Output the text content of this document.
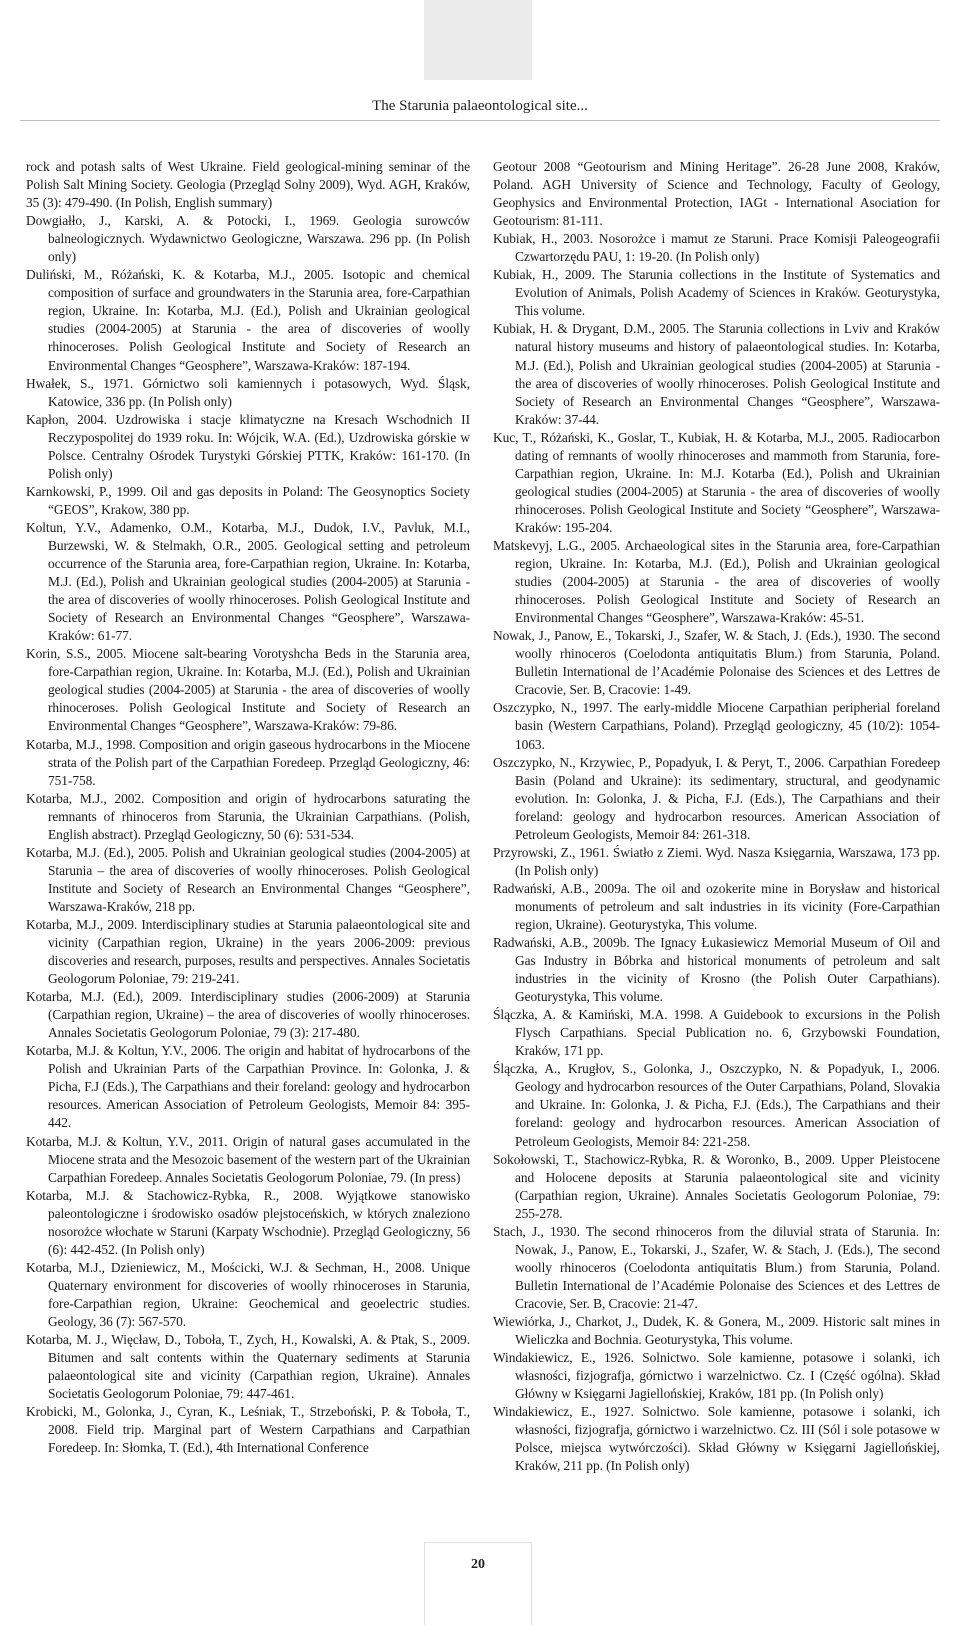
The Starunia palaeontological site...

rock and potash salts of West Ukraine. Field geological-mining seminar of the Polish Salt Mining Society. Geologia (Przegląd Solny 2009), Wyd. AGH, Kraków, 35 (3): 479-490. (In Polish, English summary)

Dowgiałło, J., Karski, A. & Potocki, I., 1969. Geologia surowców balneologicznych. Wydawnictwo Geologiczne, Warszawa. 296 pp. (In Polish only)

Duliński, M., Różański, K. & Kotarba, M.J., 2005. Isotopic and chemical composition of surface and groundwaters in the Starunia area, fore-Carpathian region, Ukraine. In: Kotarba, M.J. (Ed.), Polish and Ukrainian geological studies (2004-2005) at Starunia - the area of discoveries of woolly rhinoceroses. Polish Geological Institute and Society of Research an Environmental Changes “Geosphere”, Warszawa-Kraków: 187-194.

Hwałek, S., 1971. Górnictwo soli kamiennych i potasowych, Wyd. Śląsk, Katowice, 336 pp. (In Polish only)

Kapłon, 2004. Uzdrowiska i stacje klimatyczne na Kresach Wschodnich II Reczypospolitej do 1939 roku. In: Wójcik, W.A. (Ed.), Uzdrowiska górskie w Polsce. Centralny Ośrodek Turystyki Górskiej PTTK, Kraków: 161-170. (In Polish only)

Karnkowski, P., 1999. Oil and gas deposits in Poland: The Geosynoptics Society “GEOS”, Krakow, 380 pp.

Koltun, Y.V., Adamenko, O.M., Kotarba, M.J., Dudok, I.V., Pavluk, M.I., Burzewski, W. & Stelmakh, O.R., 2005. Geological setting and petroleum occurrence of the Starunia area, fore-Carpathian region, Ukraine. In: Kotarba, M.J. (Ed.), Polish and Ukrainian geological studies (2004-2005) at Starunia - the area of discoveries of woolly rhinoceroses. Polish Geological Institute and Society of Research an Environmental Changes “Geosphere”, Warszawa-Kraków: 61-77.

Korin, S.S., 2005. Miocene salt-bearing Vorotyshcha Beds in the Starunia area, fore-Carpathian region, Ukraine. In: Kotarba, M.J. (Ed.), Polish and Ukrainian geological studies (2004-2005) at Starunia - the area of discoveries of woolly rhinoceroses. Polish Geological Institute and Society of Research an Environmental Changes “Geosphere”, Warszawa-Kraków: 79-86.

Kotarba, M.J., 1998. Composition and origin gaseous hydrocarbons in the Miocene strata of the Polish part of the Carpathian Foredeep. Przegląd Geologiczny, 46: 751-758.

Kotarba, M.J., 2002. Composition and origin of hydrocarbons saturating the remnants of rhinoceros from Starunia, the Ukrainian Carpathians. (Polish, English abstract). Przegląd Geologiczny, 50 (6): 531-534.

Kotarba, M.J. (Ed.), 2005. Polish and Ukrainian geological studies (2004-2005) at Starunia – the area of discoveries of woolly rhinoceroses. Polish Geological Institute and Society of Research an Environmental Changes “Geosphere”, Warszawa-Kraków, 218 pp.

Kotarba, M.J., 2009. Interdisciplinary studies at Starunia palaeontological site and vicinity (Carpathian region, Ukraine) in the years 2006-2009: previous discoveries and research, purposes, results and perspectives. Annales Societatis Geologorum Poloniae, 79: 219-241.

Kotarba, M.J. (Ed.), 2009. Interdisciplinary studies (2006-2009) at Starunia (Carpathian region, Ukraine) – the area of discoveries of woolly rhinoceroses. Annales Societatis Geologorum Poloniae, 79 (3): 217-480.

Kotarba, M.J. & Koltun, Y.V., 2006. The origin and habitat of hydrocarbons of the Polish and Ukrainian Parts of the Carpathian Province. In: Golonka, J. & Picha, F.J (Eds.), The Carpathians and their foreland: geology and hydrocarbon resources. American Association of Petroleum Geologists, Memoir 84: 395-442.

Kotarba, M.J. & Koltun, Y.V., 2011. Origin of natural gases accumulated in the Miocene strata and the Mesozoic basement of the western part of the Ukrainian Carpathian Foredeep. Annales Societatis Geologorum Poloniae, 79. (In press)

Kotarba, M.J. & Stachowicz-Rybka, R., 2008. Wyjątkowe stanowisko paleontologiczne i środowisko osadów plejstoceńskich, w których znaleziono nosorożce włochate w Staruni (Karpaty Wschodnie). Przegląd Geologiczny, 56 (6): 442-452. (In Polish only)

Kotarba, M.J., Dzieniewicz, M., Mościcki, W.J. & Sechman, H., 2008. Unique Quaternary environment for discoveries of woolly rhinoceroses in Starunia, fore-Carpathian region, Ukraine: Geochemical and geoelectric studies. Geology, 36 (7): 567-570.

Kotarba, M. J., Więcław, D., Toboła, T., Zych, H., Kowalski, A. & Ptak, S., 2009. Bitumen and salt contents within the Quaternary sediments at Starunia palaeontological site and vicinity (Carpathian region, Ukraine). Annales Societatis Geologorum Poloniae, 79: 447-461.

Krobicki, M., Golonka, J., Cyran, K., Leśniak, T., Strzeboński, P. & Toboła, T., 2008. Field trip. Marginal part of Western Carpathians and Carpathian Foredeep. In: Słomka, T. (Ed.), 4th International Conference

Geotour 2008 “Geotourism and Mining Heritage”. 26-28 June 2008, Kraków, Poland. AGH University of Science and Technology, Faculty of Geology, Geophysics and Environmental Protection, IAGt - International Asociation for Geotourism: 81-111.

Kubiak, H., 2003. Nosorożce i mamut ze Staruni. Prace Komisji Paleogeografii Czwartorzędu PAU, 1: 19-20. (In Polish only)

Kubiak, H., 2009. The Starunia collections in the Institute of Systematics and Evolution of Animals, Polish Academy of Sciences in Kraków. Geoturystyka, This volume.

Kubiak, H. & Drygant, D.M., 2005. The Starunia collections in Lviv and Kraków natural history museums and history of palaeontological studies. In: Kotarba, M.J. (Ed.), Polish and Ukrainian geological studies (2004-2005) at Starunia - the area of discoveries of woolly rhinoceroses. Polish Geological Institute and Society of Research an Environmental Changes “Geosphere”, Warszawa-Kraków: 37-44.

Kuc, T., Różański, K., Goslar, T., Kubiak, H. & Kotarba, M.J., 2005. Radiocarbon dating of remnants of woolly rhinoceroses and mammoth from Starunia, fore-Carpathian region, Ukraine. In: M.J. Kotarba (Ed.), Polish and Ukrainian geological studies (2004-2005) at Starunia - the area of discoveries of woolly rhinoceroses. Polish Geological Institute and Society “Geosphere”, Warszawa-Kraków: 195-204.

Matskevyj, L.G., 2005. Archaeological sites in the Starunia area, fore-Carpathian region, Ukraine. In: Kotarba, M.J. (Ed.), Polish and Ukrainian geological studies (2004-2005) at Starunia - the area of discoveries of woolly rhinoceroses. Polish Geological Institute and Society of Research an Environmental Changes “Geosphere”, Warszawa-Kraków: 45-51.

Nowak, J., Panow, E., Tokarski, J., Szafer, W. & Stach, J. (Eds.), 1930. The second woolly rhinoceros (Coelodonta antiquitatis Blum.) from Starunia, Poland. Bulletin International de l’Académie Polonaise des Sciences et des Lettres de Cracovie, Ser. B, Cracovie: 1-49.

Oszczypko, N., 1997. The early-middle Miocene Carpathian peripherial foreland basin (Western Carpathians, Poland). Przegląd geologiczny, 45 (10/2): 1054-1063.

Oszczypko, N., Krzywiec, P., Popadyuk, I. & Peryt, T., 2006. Carpathian Foredeep Basin (Poland and Ukraine): its sedimentary, structural, and geodynamic evolution. In: Golonka, J. & Picha, F.J. (Eds.), The Carpathians and their foreland: geology and hydrocarbon resources. American Association of Petroleum Geologists, Memoir 84: 261-318.

Przyrowski, Z., 1961. Światło z Ziemi. Wyd. Nasza Księgarnia, Warszawa, 173 pp. (In Polish only)

Radwański, A.B., 2009a. The oil and ozokerite mine in Borysław and historical monuments of petroleum and salt industries in its vicinity (Fore-Carpathian region, Ukraine). Geoturystyka, This volume.

Radwański, A.B., 2009b. The Ignacy Łukasiewicz Memorial Museum of Oil and Gas Industry in Bóbrka and historical monuments of petroleum and salt industries in the vicinity of Krosno (the Polish Outer Carpathians). Geoturystyka, This volume.

Ślączka, A. & Kamiński, M.A. 1998. A Guidebook to excursions in the Polish Flysch Carpathians. Special Publication no. 6, Grzybowski Foundation, Kraków, 171 pp.

Ślączka, A., Krugłov, S., Golonka, J., Oszczypko, N. & Popadyuk, I., 2006. Geology and hydrocarbon resources of the Outer Carpathians, Poland, Slovakia and Ukraine. In: Golonka, J. & Picha, F.J. (Eds.), The Carpathians and their foreland: geology and hydrocarbon resources. American Association of Petroleum Geologists, Memoir 84: 221-258.

Sokołowski, T., Stachowicz-Rybka, R. & Woronko, B., 2009. Upper Pleistocene and Holocene deposits at Starunia palaeontological site and vicinity (Carpathian region, Ukraine). Annales Societatis Geologorum Poloniae, 79: 255-278.

Stach, J., 1930. The second rhinoceros from the diluvial strata of Starunia. In: Nowak, J., Panow, E., Tokarski, J., Szafer, W. & Stach, J. (Eds.), The second woolly rhinoceros (Coelodonta antiquitatis Blum.) from Starunia, Poland. Bulletin International de l’Académie Polonaise des Sciences et des Lettres de Cracovie, Ser. B, Cracovie: 21-47.

Wiewiórka, J., Charkot, J., Dudek, K. & Gonera, M., 2009. Historic salt mines in Wieliczka and Bochnia. Geoturystyka, This volume.

Windakiewicz, E., 1926. Solnictwo. Sole kamienne, potasowe i solanki, ich własności, fizjografja, górnictwo i warzelnictwo. Cz. I (Część ogólna). Skład Główny w Księgarni Jagiellońskiej, Kraków, 181 pp. (In Polish only)

Windakiewicz, E., 1927. Solnictwo. Sole kamienne, potasowe i solanki, ich własności, fizjografja, górnictwo i warzelnictwo. Cz. III (Sól i sole potasowe w Polsce, miejsca wytwórczości). Skład Główny w Księgarni Jagiellońskiej, Kraków, 211 pp. (In Polish only)

20
